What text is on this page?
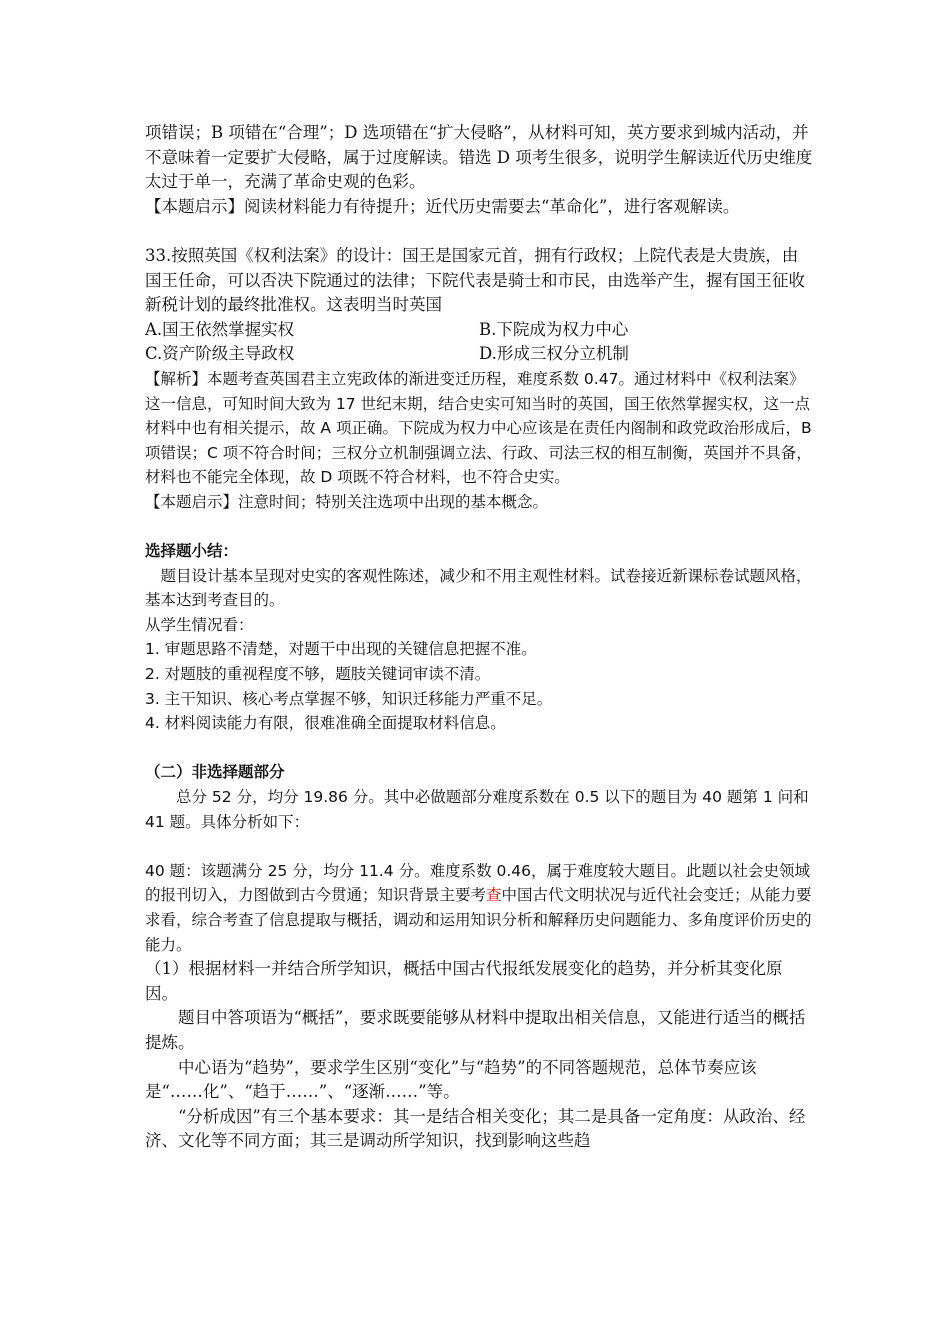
项错误；B 项错在“合理”；D 选项错在“扩大侵略”，从材料可知，英方要求到城内活动，并不意味着一定要扩大侵略，属于过度解读。错选 D 项考生很多，说明学生解读近代历史维度太过于单一，充满了革命史观的色彩。

【本题启示】阅读材料能力有待提升；近代历史需要去“革命化”，进行客观解读。

33.按照英国《权利法案》的设计：国王是国家元首，拥有行政权；上院代表是大贵族，由国王任命，可以否决下院通过的法律；下院代表是骑士和市民，由选举产生，握有国王征收新税计划的最终批准权。这表明当时英国

A.国王依然掌握实权	B.下院成为权力中心
C.资产阶级主导政权	D.形成三权分立机制

【解析】本题考查英国君主立宪政体的渐进变迁历程，难度系数 0.47。通过材料中《权利法案》这一信息，可知时间大致为 17 世纪末期，结合史实可知当时的英国，国王依然掌握实权，这一点材料中也有相关提示，故 A 项正确。下院成为权力中心应该是在责任内阁制和政党政治形成后，B 项错误；C 项不符合时间；三权分立机制强调立法、行政、司法三权的相互制衡，英国并不具备，材料也不能完全体现，故 D 项既不符合材料，也不符合史实。

【本题启示】注意时间；特别关注选项中出现的基本概念。

选择题小结：

题目设计基本呈现对史实的客观性陈述，减少和不用主观性材料。试卷接近新课标卷试题风格，基本达到考查目的。

从学生情况看：

1. 审题思路不清楚，对题干中出现的关键信息把握不准。

2. 对题肢的重视程度不够，题肢关键词审读不清。

3. 主干知识、核心考点掌握不够，知识迁移能力严重不足。

4. 材料阅读能力有限，很难准确全面提取材料信息。

（二）非选择题部分

总分 52 分，均分 19.86 分。其中必做题部分难度系数在 0.5 以下的题目为 40 题第 1 问和 41 题。具体分析如下：

40 题：该题满分 25 分，均分 11.4 分。难度系数 0.46，属于难度较大题目。此题以社会史领域的报刊切入，力图做到古今贯通；知识背景主要考查中国古代文明状况与近代社会变迁；从能力要求看，综合考查了信息提取与概括，调动和运用知识分析和解释历史问题能力、多角度评价历史的能力。

（1）根据材料一并结合所学知识，概括中国古代报纸发展变化的趋势，并分析其变化原因。

题目中答项语为“概括”，要求既要能够从材料中提取出相关信息，又能进行适当的概括提炼。

中心语为“趋势”，要求学生区别“变化”与“趋势”的不同答题规范，总体节奏应该是“……化”、“趋于……”、“逐渐……”等。

“分析成因”有三个基本要求：其一是结合相关变化；其二是具备一定角度：从政治、经济、文化等不同方面；其三是调动所学知识，找到影响这些趋
